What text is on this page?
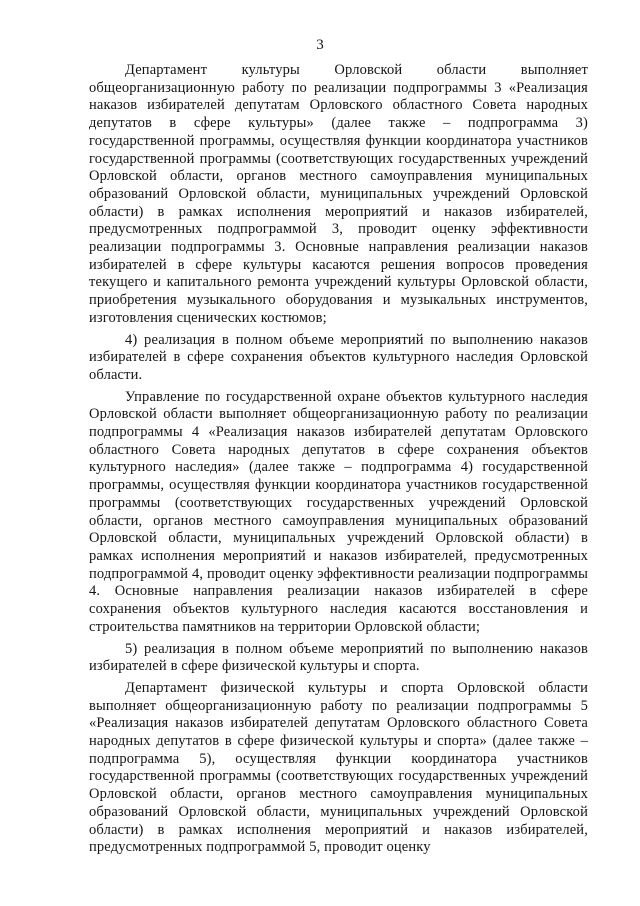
3

Департамент культуры Орловской области выполняет общеорганизационную работу по реализации подпрограммы 3 «Реализация наказов избирателей депутатам Орловского областного Совета народных депутатов в сфере культуры» (далее также – подпрограмма 3) государственной программы, осуществляя функции координатора участников государственной программы (соответствующих государственных учреждений Орловской области, органов местного самоуправления муниципальных образований Орловской области, муниципальных учреждений Орловской области) в рамках исполнения мероприятий и наказов избирателей, предусмотренных подпрограммой 3, проводит оценку эффективности реализации подпрограммы 3. Основные направления реализации наказов избирателей в сфере культуры касаются решения вопросов проведения текущего и капитального ремонта учреждений культуры Орловской области, приобретения музыкального оборудования и музыкальных инструментов, изготовления сценических костюмов;

4) реализация в полном объеме мероприятий по выполнению наказов избирателей в сфере сохранения объектов культурного наследия Орловской области.

Управление по государственной охране объектов культурного наследия Орловской области выполняет общеорганизационную работу по реализации подпрограммы 4 «Реализация наказов избирателей депутатам Орловского областного Совета народных депутатов в сфере сохранения объектов культурного наследия» (далее также – подпрограмма 4) государственной программы, осуществляя функции координатора участников государственной программы (соответствующих государственных учреждений Орловской области, органов местного самоуправления муниципальных образований Орловской области, муниципальных учреждений Орловской области) в рамках исполнения мероприятий и наказов избирателей, предусмотренных подпрограммой 4, проводит оценку эффективности реализации подпрограммы 4. Основные направления реализации наказов избирателей в сфере сохранения объектов культурного наследия касаются восстановления и строительства памятников на территории Орловской области;

5) реализация в полном объеме мероприятий по выполнению наказов избирателей в сфере физической культуры и спорта.

Департамент физической культуры и спорта Орловской области выполняет общеорганизационную работу по реализации подпрограммы 5 «Реализация наказов избирателей депутатам Орловского областного Совета народных депутатов в сфере физической культуры и спорта» (далее также – подпрограмма 5), осуществляя функции координатора участников государственной программы (соответствующих государственных учреждений Орловской области, органов местного самоуправления муниципальных образований Орловской области, муниципальных учреждений Орловской области) в рамках исполнения мероприятий и наказов избирателей, предусмотренных подпрограммой 5, проводит оценку
